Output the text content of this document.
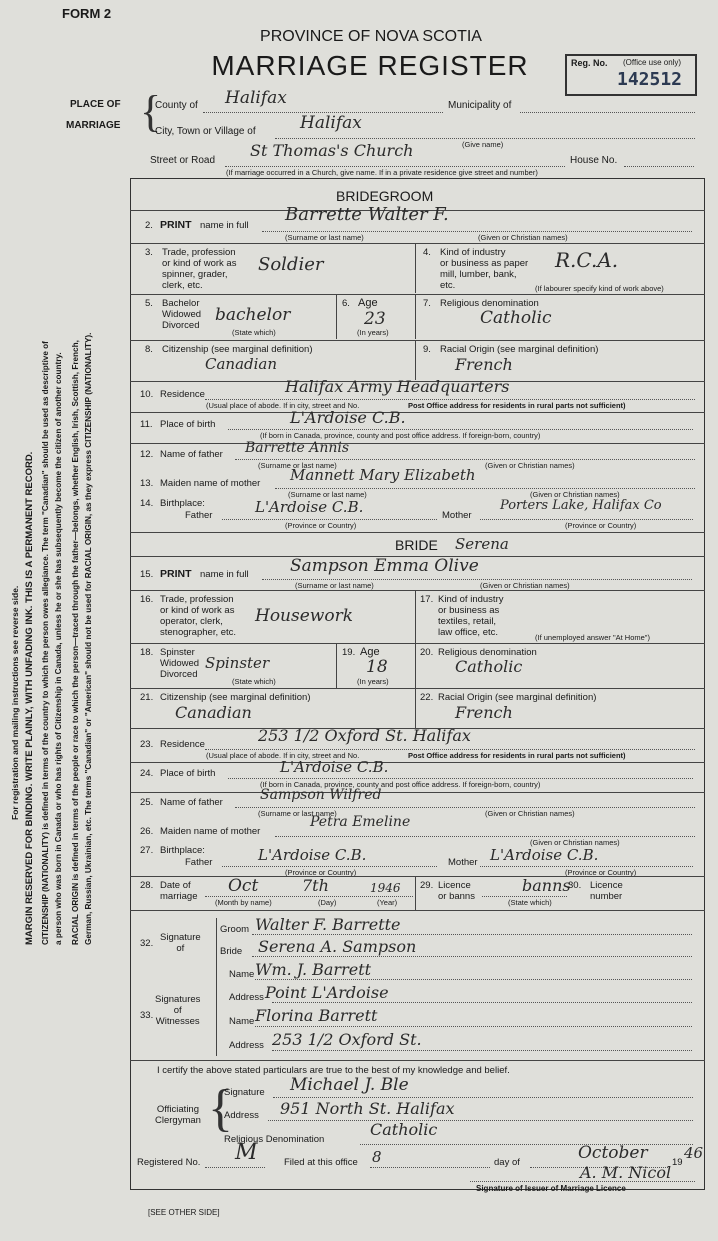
FORM 2
PROVINCE OF NOVA SCOTIA
MARRIAGE REGISTER	Reg. No. (Office use only)
142512
PLACE OF
MARRIAGE {
County of Halifax	Municipality of
City, Town or Village of	Halifax
(Give name)
Street or Road
St Thomas's Church
House No.
(If marriage occurred in a Church, give name. If in a private residence give street and number)
For registration and mailing instructions see reverse side. MARGIN RESERVED FOR BINDING. WRITE PLAINLY, WITH UNFADING INK. THIS IS A PERMANENT RECORD. CITIZENSHIP (NATIONALITY) is defined in terms of the country to which the person owes allegiance. The term "Canadian" should be used as descriptive of a person who was born in Canada or who has rights of Citizenship in Canada, unless he or she has subsequently become the citizen of another country. RACIAL ORIGIN is defined in terms of the people or race to which the person—traced through the father—belongs, whether English, Irish, Scottish, French, German, Russian, Ukrainian, etc. The terms "Canadian" or "American" should not be used for RACIAL ORIGIN, as they express CITIZENSHIP (NATIONALITY).
BRIDEGROOM
2. PRINT name in full
Barrette Walter F.
(Surname or last name)	(Given or Christian names)
3. Trade, profession
or kind of work as
spinner, grader,
clerk, etc.
Soldier
4. Kind of industry
or business as paper
mill, lumber, bank,
etc.
R.C.A.
(If labourer specify kind of work above)
5. Bachelor
Widowed
Divorced
bachelor
(State which)
6. Age
23
(In years)
7. Religious denomination
Catholic
8. Citizenship (see marginal definition)
Canadian
9. Racial Origin (see marginal definition)
French
10. Residence	Halifax Army Headquarters
(Usual place of abode. If in city, street and No.	Post Office address for residents in rural parts not sufficient)
11. Place of birth	L'Ardoise C.B.
(If born in Canada, province, county and post office address. If foreign-born, country)
12. Name of father Barrette Annis
(Surname or last name)	(Given or Christian names)
13. Maiden name of mother Mannett Mary Elizabeth
(Surname or last name)	(Given or Christian names)
14. Birthplace:
Father	L'Ardoise C.B.
(Province or Country)
Mother
Porters Lake, Halifax Co
(Province or Country)
BRIDE Serena
15. PRINT name in full Sampson Emma Olive
(Surname or last name)	(Given or Christian names)
16. Trade, profession
or kind of work as
operator, clerk,
stenographer, etc.
Housework
17. Kind of industry
or business as
textiles, retail,
law office, etc.	(If unemployed answer "At Home")
18. Spinster
Widowed
Divorced
Spinster
(State which)
19. Age
18
(In years)
20. Religious denomination
Catholic
21. Citizenship (see marginal definition)
Canadian
22. Racial Origin (see marginal definition)
French
23. Residence	253 1/2 Oxford St. Halifax
(Usual place of abode. If in city, street and No.	Post Office address for residents in rural parts not sufficient)
24. Place of birth	L'Ardoise C.B.
(If born in Canada, province, county and post office address. If foreign-born, country)
25. Name of father	Sampson Wilfred
(Surname or last name)	(Given or Christian names)
26. Maiden name of mother
Petra Emeline
(Given or Christian names)
27. Birthplace:
Father	L'Ardoise C.B.
(Province or Country)
Mother L'Ardoise C.B.
(Province or Country)
28. Date of
marriage
Oct	7th	1946
(Month by name)	(Day)	(Year)
29. Licence
or banns
banns
(State which)
30. Licence
number
32.
Signature
of
Groom Walter F. Barrette
Bride Serena A. Sampson
33.
Signatures
of
Witnesses
Name Wm. J. Barrett
Address Point L'Ardoise
Name Florina Barrett
Address 253 1/2 Oxford St.
I certify the above stated particulars are true to the best of my knowledge and belief.
Officiating
Clergyman {
Signature Michael J. Ble
Address 951 North St. Halifax
Religious Denomination
Catholic
Registered No. M	Filed at this office 8	day of	October	19
46
A. M. Nicol
Signature of Issuer of Marriage Licence
[SEE OTHER SIDE]
